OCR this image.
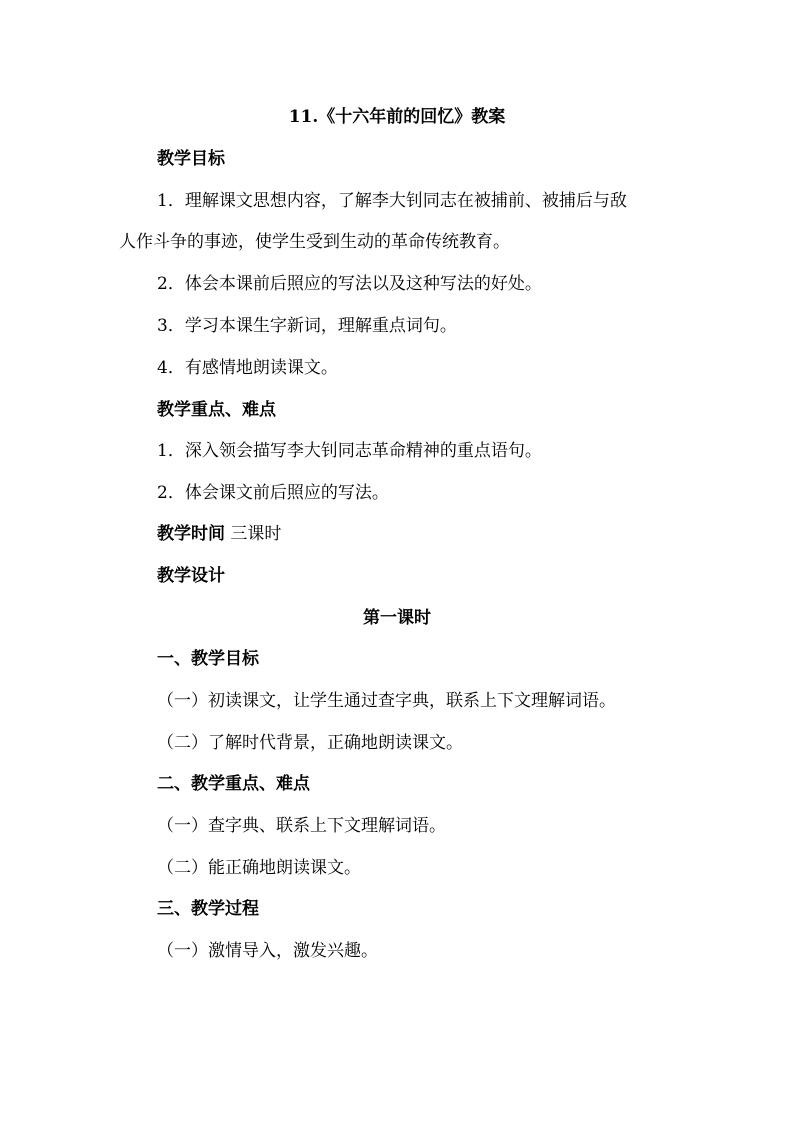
11.《十六年前的回忆》教案
教学目标
1．理解课文思想内容，了解李大钊同志在被捕前、被捕后与敌
人作斗争的事迹，使学生受到生动的革命传统教育。
2．体会本课前后照应的写法以及这种写法的好处。
3．学习本课生字新词，理解重点词句。
4．有感情地朗读课文。
教学重点、难点
1．深入领会描写李大钊同志革命精神的重点语句。
2．体会课文前后照应的写法。
教学时间 三课时
教学设计
第一课时
一、教学目标
（一）初读课文，让学生通过查字典，联系上下文理解词语。
（二）了解时代背景，正确地朗读课文。
二、教学重点、难点
（一）查字典、联系上下文理解词语。
（二）能正确地朗读课文。
三、教学过程
（一）激情导入，激发兴趣。
